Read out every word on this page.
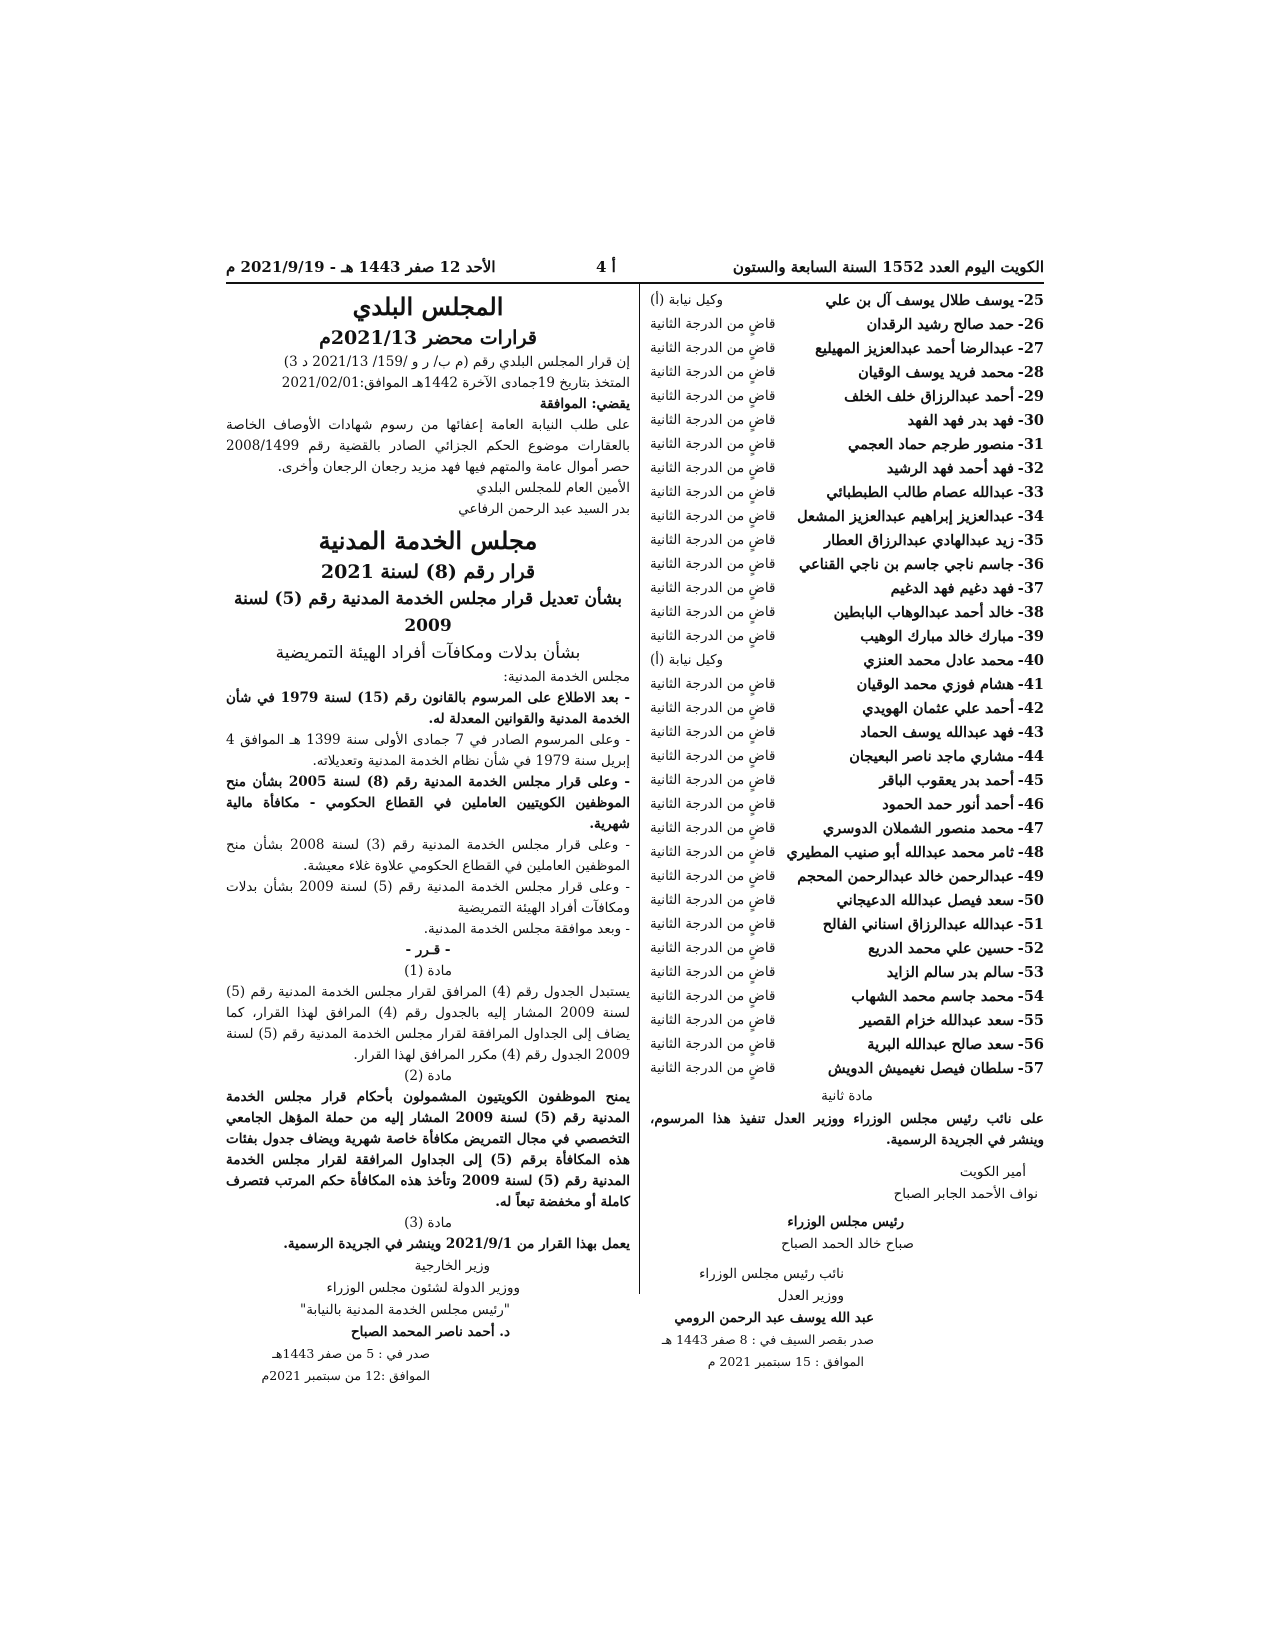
الكويت اليوم العدد 1552 السنة السابعة والستون
أ 4
الأحد 12 صفر 1443 هـ - 2021/9/19 م
25-
يوسف طلال يوسف آل بن علي
وكيل نيابة (أ)
26-
حمد صالح رشيد الرقدان
قاضٍ من الدرجة الثانية
27-
عبدالرضا أحمد عبدالعزيز المهيليع
قاضٍ من الدرجة الثانية
28-
محمد فريد يوسف الوقيان
قاضٍ من الدرجة الثانية
29-
أحمد عبدالرزاق خلف الخلف
قاضٍ من الدرجة الثانية
30-
فهد بدر فهد الفهد
قاضٍ من الدرجة الثانية
31-
منصور طرجم حماد العجمي
قاضٍ من الدرجة الثانية
32-
فهد أحمد فهد الرشيد
قاضٍ من الدرجة الثانية
33-
عبدالله عصام طالب الطبطبائي
قاضٍ من الدرجة الثانية
34-
عبدالعزيز إبراهيم عبدالعزيز المشعل
قاضٍ من الدرجة الثانية
35-
زيد عبدالهادي عبدالرزاق العطار
قاضٍ من الدرجة الثانية
36-
جاسم ناجي جاسم بن ناجي القناعي
قاضٍ من الدرجة الثانية
37-
فهد دغيم فهد الدغيم
قاضٍ من الدرجة الثانية
38-
خالد أحمد عبدالوهاب البابطين
قاضٍ من الدرجة الثانية
39-
مبارك خالد مبارك الوهيب
قاضٍ من الدرجة الثانية
40-
محمد عادل محمد العنزي
وكيل نيابة (أ)
41-
هشام فوزي محمد الوقيان
قاضٍ من الدرجة الثانية
42-
أحمد علي عثمان الهويدي
قاضٍ من الدرجة الثانية
43-
فهد عبدالله يوسف الحماد
قاضٍ من الدرجة الثانية
44-
مشاري ماجد ناصر البعيجان
قاضٍ من الدرجة الثانية
45-
أحمد بدر يعقوب الباقر
قاضٍ من الدرجة الثانية
46-
أحمد أنور حمد الحمود
قاضٍ من الدرجة الثانية
47-
محمد منصور الشملان الدوسري
قاضٍ من الدرجة الثانية
48-
ثامر محمد عبدالله أبو صنيب المطيري
قاضٍ من الدرجة الثانية
49-
عبدالرحمن خالد عبدالرحمن المحجم
قاضٍ من الدرجة الثانية
50-
سعد فيصل عبدالله الدعيجاني
قاضٍ من الدرجة الثانية
51-
عبدالله عبدالرزاق اسناني الفالح
قاضٍ من الدرجة الثانية
52-
حسين علي محمد الدريع
قاضٍ من الدرجة الثانية
53-
سالم بدر سالم الزايد
قاضٍ من الدرجة الثانية
54-
محمد جاسم محمد الشهاب
قاضٍ من الدرجة الثانية
55-
سعد عبدالله خزام القصير
قاضٍ من الدرجة الثانية
56-
سعد صالح عبدالله البرية
قاضٍ من الدرجة الثانية
57-
سلطان فيصل نغيميش الدويش
قاضٍ من الدرجة الثانية
مادة ثانية

على نائب رئيس مجلس الوزراء ووزير العدل تنفيذ هذا المرسوم، وينشر في الجريدة الرسمية.

أمير الكويت
نواف الأحمد الجابر الصباح
رئيس مجلس الوزراء
صباح خالد الحمد الصباح
نائب رئيس مجلس الوزراء
ووزير العدل
عبد الله يوسف عبد الرحمن الرومي
صدر بقصر السيف في : 8 صفر 1443 هـ
الموافق : 15 سبتمبر 2021 م
المجلس البلدي
قرارات محضر 2021/13م
إن قرار المجلس البلدي رقم (م ب/ ر و /159/ 2021/13 د 3)
المتخذ بتاريخ 19جمادى الآخرة 1442هـ الموافق:2021/02/01
يقضي: الموافقة

على طلب النيابة العامة إعفائها من رسوم شهادات الأوصاف الخاصة بالعقارات موضوع الحكم الجزائي الصادر بالقضية رقم 2008/1499 حصر أموال عامة والمتهم فيها فهد مزيد رجعان الرجعان وأخرى.

الأمين العام للمجلس البلدي
بدر السيد عبد الرحمن الرفاعي
مجلس الخدمة المدنية
قرار رقم (8) لسنة 2021
بشأن تعديل قرار مجلس الخدمة المدنية رقم (5) لسنة 2009
بشأن بدلات ومكافآت أفراد الهيئة التمريضية
مجلس الخدمة المدنية:

- بعد الاطلاع على المرسوم بالقانون رقم (15) لسنة 1979 في شأن الخدمة المدنية والقوانين المعدلة له.

- وعلى المرسوم الصادر في 7 جمادى الأولى سنة 1399 هـ الموافق 4 إبريل سنة 1979 في شأن نظام الخدمة المدنية وتعديلاته.

- وعلى قرار مجلس الخدمة المدنية رقم (8) لسنة 2005 بشأن منح الموظفين الكويتيين العاملين في القطاع الحكومي - مكافأة مالية شهرية.

- وعلى قرار مجلس الخدمة المدنية رقم (3) لسنة 2008 بشأن منح الموظفين العاملين في القطاع الحكومي علاوة غلاء معيشة.

- وعلى قرار مجلس الخدمة المدنية رقم (5) لسنة 2009 بشأن بدلات ومكافآت أفراد الهيئة التمريضية

- وبعد موافقة مجلس الخدمة المدنية.

- قـرر -
مادة (1)

يستبدل الجدول رقم (4) المرافق لقرار مجلس الخدمة المدنية رقم (5) لسنة 2009 المشار إليه بالجدول رقم (4) المرافق لهذا القرار، كما يضاف إلى الجداول المرافقة لقرار مجلس الخدمة المدنية رقم (5) لسنة 2009 الجدول رقم (4) مكرر المرافق لهذا القرار.

مادة (2)

يمنح الموظفون الكويتيون المشمولون بأحكام قرار مجلس الخدمة المدنية رقم (5) لسنة 2009 المشار إليه من حملة المؤهل الجامعي التخصصي في مجال التمريض مكافأة خاصة شهرية ويضاف جدول بفئات هذه المكافأة برقم (5) إلى الجداول المرافقة لقرار مجلس الخدمة المدنية رقم (5) لسنة 2009 وتأخذ هذه المكافأة حكم المرتب فتصرف كاملة أو مخفضة تبعاً له.

مادة (3)

يعمل بهذا القرار من 2021/9/1 وينشر في الجريدة الرسمية.

وزير الخارجية
ووزير الدولة لشئون مجلس الوزراء
"رئيس مجلس الخدمة المدنية بالنيابة"
د. أحمد ناصر المحمد الصباح
صدر في : 5 من صفر 1443هـ
الموافق :12 من سبتمبر 2021م
